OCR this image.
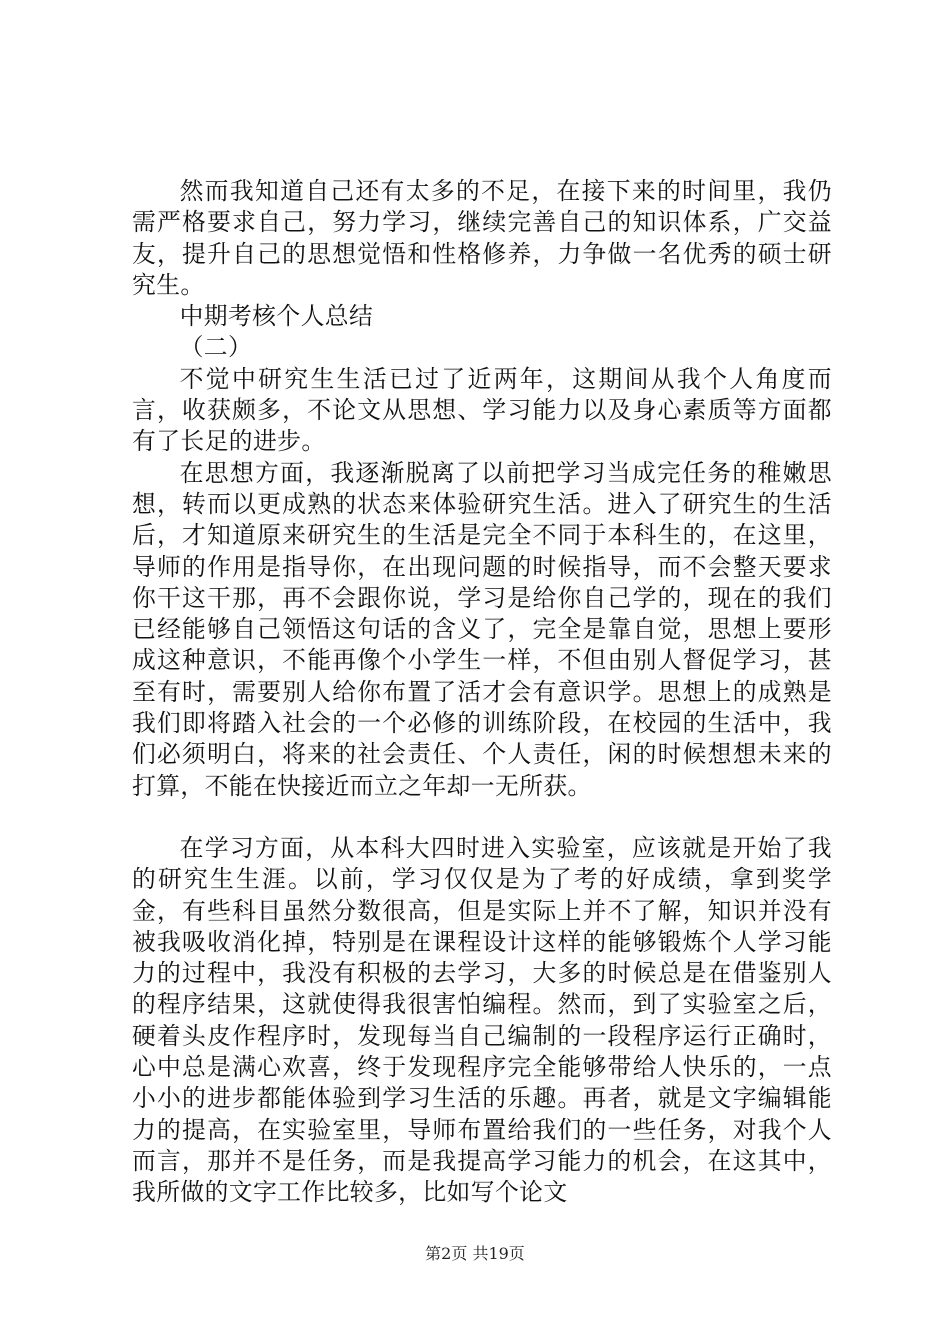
然而我知道自己还有太多的不足，在接下来的时间里，我仍需严格要求自己，努力学习，继续完善自己的知识体系，广交益友，提升自己的思想觉悟和性格修养，力争做一名优秀的硕士研究生。

中期考核个人总结

（二）

不觉中研究生生活已过了近两年，这期间从我个人角度而言，收获颇多，不论文从思想、学习能力以及身心素质等方面都有了长足的进步。

在思想方面，我逐渐脱离了以前把学习当成完任务的稚嫩思想，转而以更成熟的状态来体验研究生活。进入了研究生的生活后，才知道原来研究生的生活是完全不同于本科生的，在这里，导师的作用是指导你，在出现问题的时候指导，而不会整天要求你干这干那，再不会跟你说，学习是给你自己学的，现在的我们已经能够自己领悟这句话的含义了，完全是靠自觉，思想上要形成这种意识，不能再像个小学生一样，不但由别人督促学习，甚至有时，需要别人给你布置了活才会有意识学。思想上的成熟是我们即将踏入社会的一个必修的训练阶段，在校园的生活中，我们必须明白，将来的社会责任、个人责任，闲的时候想想未来的打算，不能在快接近而立之年却一无所获。

在学习方面，从本科大四时进入实验室，应该就是开始了我的研究生生涯。以前，学习仅仅是为了考的好成绩，拿到奖学金，有些科目虽然分数很高，但是实际上并不了解，知识并没有被我吸收消化掉，特别是在课程设计这样的能够锻炼个人学习能力的过程中，我没有积极的去学习，大多的时候总是在借鉴别人的程序结果，这就使得我很害怕编程。然而，到了实验室之后，硬着头皮作程序时，发现每当自己编制的一段程序运行正确时，心中总是满心欢喜，终于发现程序完全能够带给人快乐的，一点小小的进步都能体验到学习生活的乐趣。再者，就是文字编辑能力的提高，在实验室里，导师布置给我们的一些任务，对我个人而言，那并不是任务，而是我提高学习能力的机会，在这其中，我所做的文字工作比较多，比如写个论文

第2页 共19页
